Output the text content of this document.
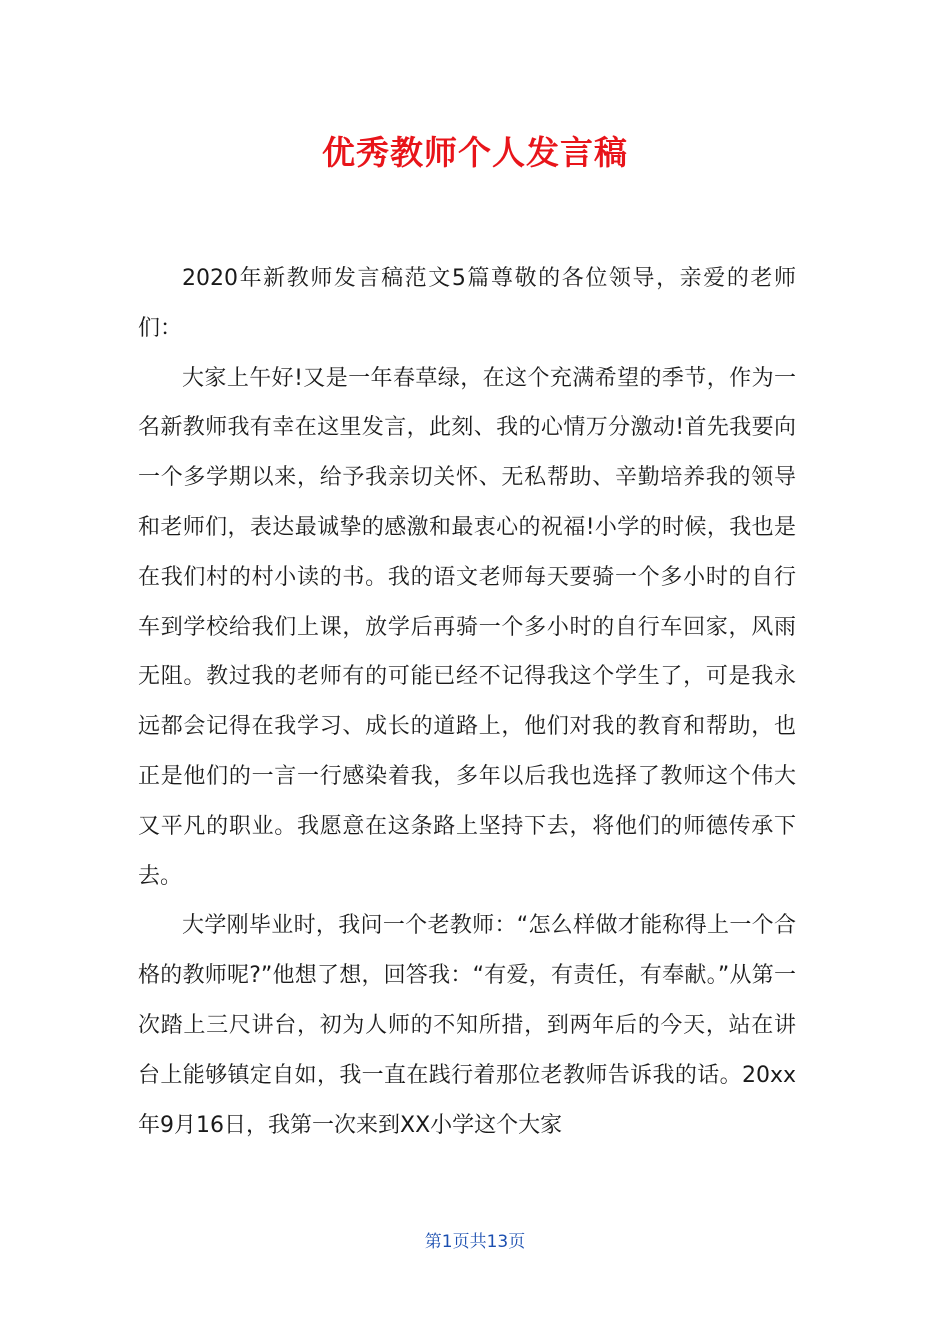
优秀教师个人发言稿

2020年新教师发言稿范文5篇尊敬的各位领导，亲爱的老师们：

大家上午好!又是一年春草绿，在这个充满希望的季节，作为一名新教师我有幸在这里发言，此刻、我的心情万分激动!首先我要向一个多学期以来，给予我亲切关怀、无私帮助、辛勤培养我的领导和老师们，表达最诚挚的感激和最衷心的祝福!小学的时候，我也是在我们村的村小读的书。我的语文老师每天要骑一个多小时的自行车到学校给我们上课，放学后再骑一个多小时的自行车回家，风雨无阻。教过我的老师有的可能已经不记得我这个学生了，可是我永远都会记得在我学习、成长的道路上，他们对我的教育和帮助，也正是他们的一言一行感染着我，多年以后我也选择了教师这个伟大又平凡的职业。我愿意在这条路上坚持下去，将他们的师德传承下去。

大学刚毕业时，我问一个老教师：“怎么样做才能称得上一个合格的教师呢?”他想了想，回答我：“有爱，有责任，有奉献。”从第一次踏上三尺讲台，初为人师的不知所措，到两年后的今天，站在讲台上能够镇定自如，我一直在践行着那位老教师告诉我的话。20xx年9月16日，我第一次来到XX小学这个大家

第1页共13页
